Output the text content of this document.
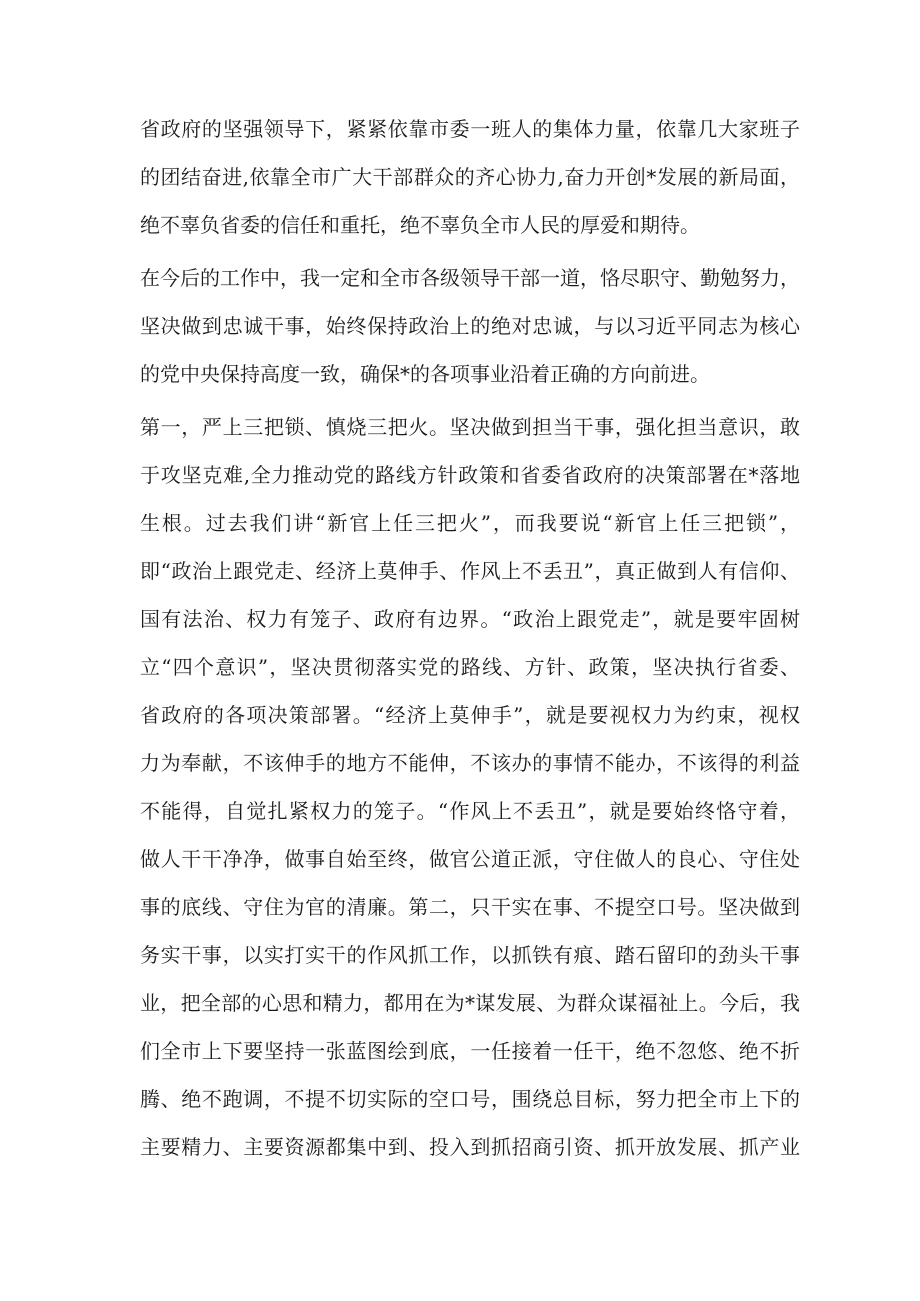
省政府的坚强领导下，紧紧依靠市委一班人的集体力量，依靠几大家班子

的团结奋进,依靠全市广大干部群众的齐心协力,奋力开创*发展的新局面，

绝不辜负省委的信任和重托，绝不辜负全市人民的厚爱和期待。

在今后的工作中，我一定和全市各级领导干部一道，恪尽职守、勤勉努力，

坚决做到忠诚干事，始终保持政治上的绝对忠诚，与以习近平同志为核心

的党中央保持高度一致，确保*的各项事业沿着正确的方向前进。

第一，严上三把锁、慎烧三把火。坚决做到担当干事，强化担当意识，敢

于攻坚克难,全力推动党的路线方针政策和省委省政府的决策部署在*落地

生根。过去我们讲“新官上任三把火”，而我要说“新官上任三把锁”，

即“政治上跟党走、经济上莫伸手、作风上不丢丑”，真正做到人有信仰、

国有法治、权力有笼子、政府有边界。“政治上跟党走”，就是要牢固树

立“四个意识”，坚决贯彻落实党的路线、方针、政策，坚决执行省委、

省政府的各项决策部署。“经济上莫伸手”，就是要视权力为约束，视权

力为奉献，不该伸手的地方不能伸，不该办的事情不能办，不该得的利益

不能得，自觉扎紧权力的笼子。“作风上不丢丑”，就是要始终恪守着，

做人干干净净，做事自始至终，做官公道正派，守住做人的良心、守住处

事的底线、守住为官的清廉。第二，只干实在事、不提空口号。坚决做到

务实干事，以实打实干的作风抓工作，以抓铁有痕、踏石留印的劲头干事

业，把全部的心思和精力，都用在为*谋发展、为群众谋福祉上。今后，我

们全市上下要坚持一张蓝图绘到底，一任接着一任干，绝不忽悠、绝不折

腾、绝不跑调，不提不切实际的空口号，围绕总目标，努力把全市上下的

主要精力、主要资源都集中到、投入到抓招商引资、抓开放发展、抓产业
